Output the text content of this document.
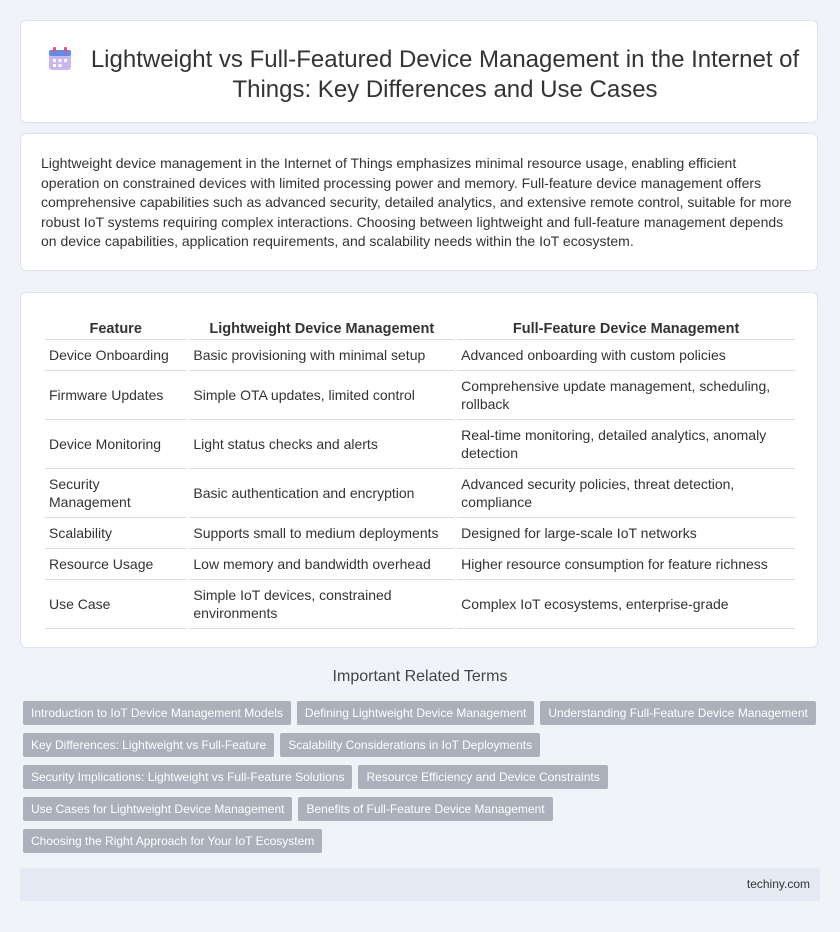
Lightweight vs Full-Featured Device Management in the Internet of Things: Key Differences and Use Cases

Lightweight device management in the Internet of Things emphasizes minimal resource usage, enabling efficient operation on constrained devices with limited processing power and memory. Full-feature device management offers comprehensive capabilities such as advanced security, detailed analytics, and extensive remote control, suitable for more robust IoT systems requiring complex interactions. Choosing between lightweight and full-feature management depends on device capabilities, application requirements, and scalability needs within the IoT ecosystem.

Feature	Lightweight Device Management	Full-Feature Device Management
Device Onboarding	Basic provisioning with minimal setup	Advanced onboarding with custom policies
Firmware Updates	Simple OTA updates, limited control	Comprehensive update management, scheduling, rollback
Device Monitoring	Light status checks and alerts	Real-time monitoring, detailed analytics, anomaly detection
Security Management	Basic authentication and encryption	Advanced security policies, threat detection, compliance
Scalability	Supports small to medium deployments	Designed for large-scale IoT networks
Resource Usage	Low memory and bandwidth overhead	Higher resource consumption for feature richness
Use Case	Simple IoT devices, constrained environments	Complex IoT ecosystems, enterprise-grade
Important Related Terms
Introduction to IoT Device Management Models	Defining Lightweight Device Management	Understanding Full-Feature Device Management
Key Differences: Lightweight vs Full-Feature	Scalability Considerations in IoT Deployments
Security Implications: Lightweight vs Full-Feature Solutions	Resource Efficiency and Device Constraints
Use Cases for Lightweight Device Management	Benefits of Full-Feature Device Management
Choosing the Right Approach for Your IoT Ecosystem
techiny.com
